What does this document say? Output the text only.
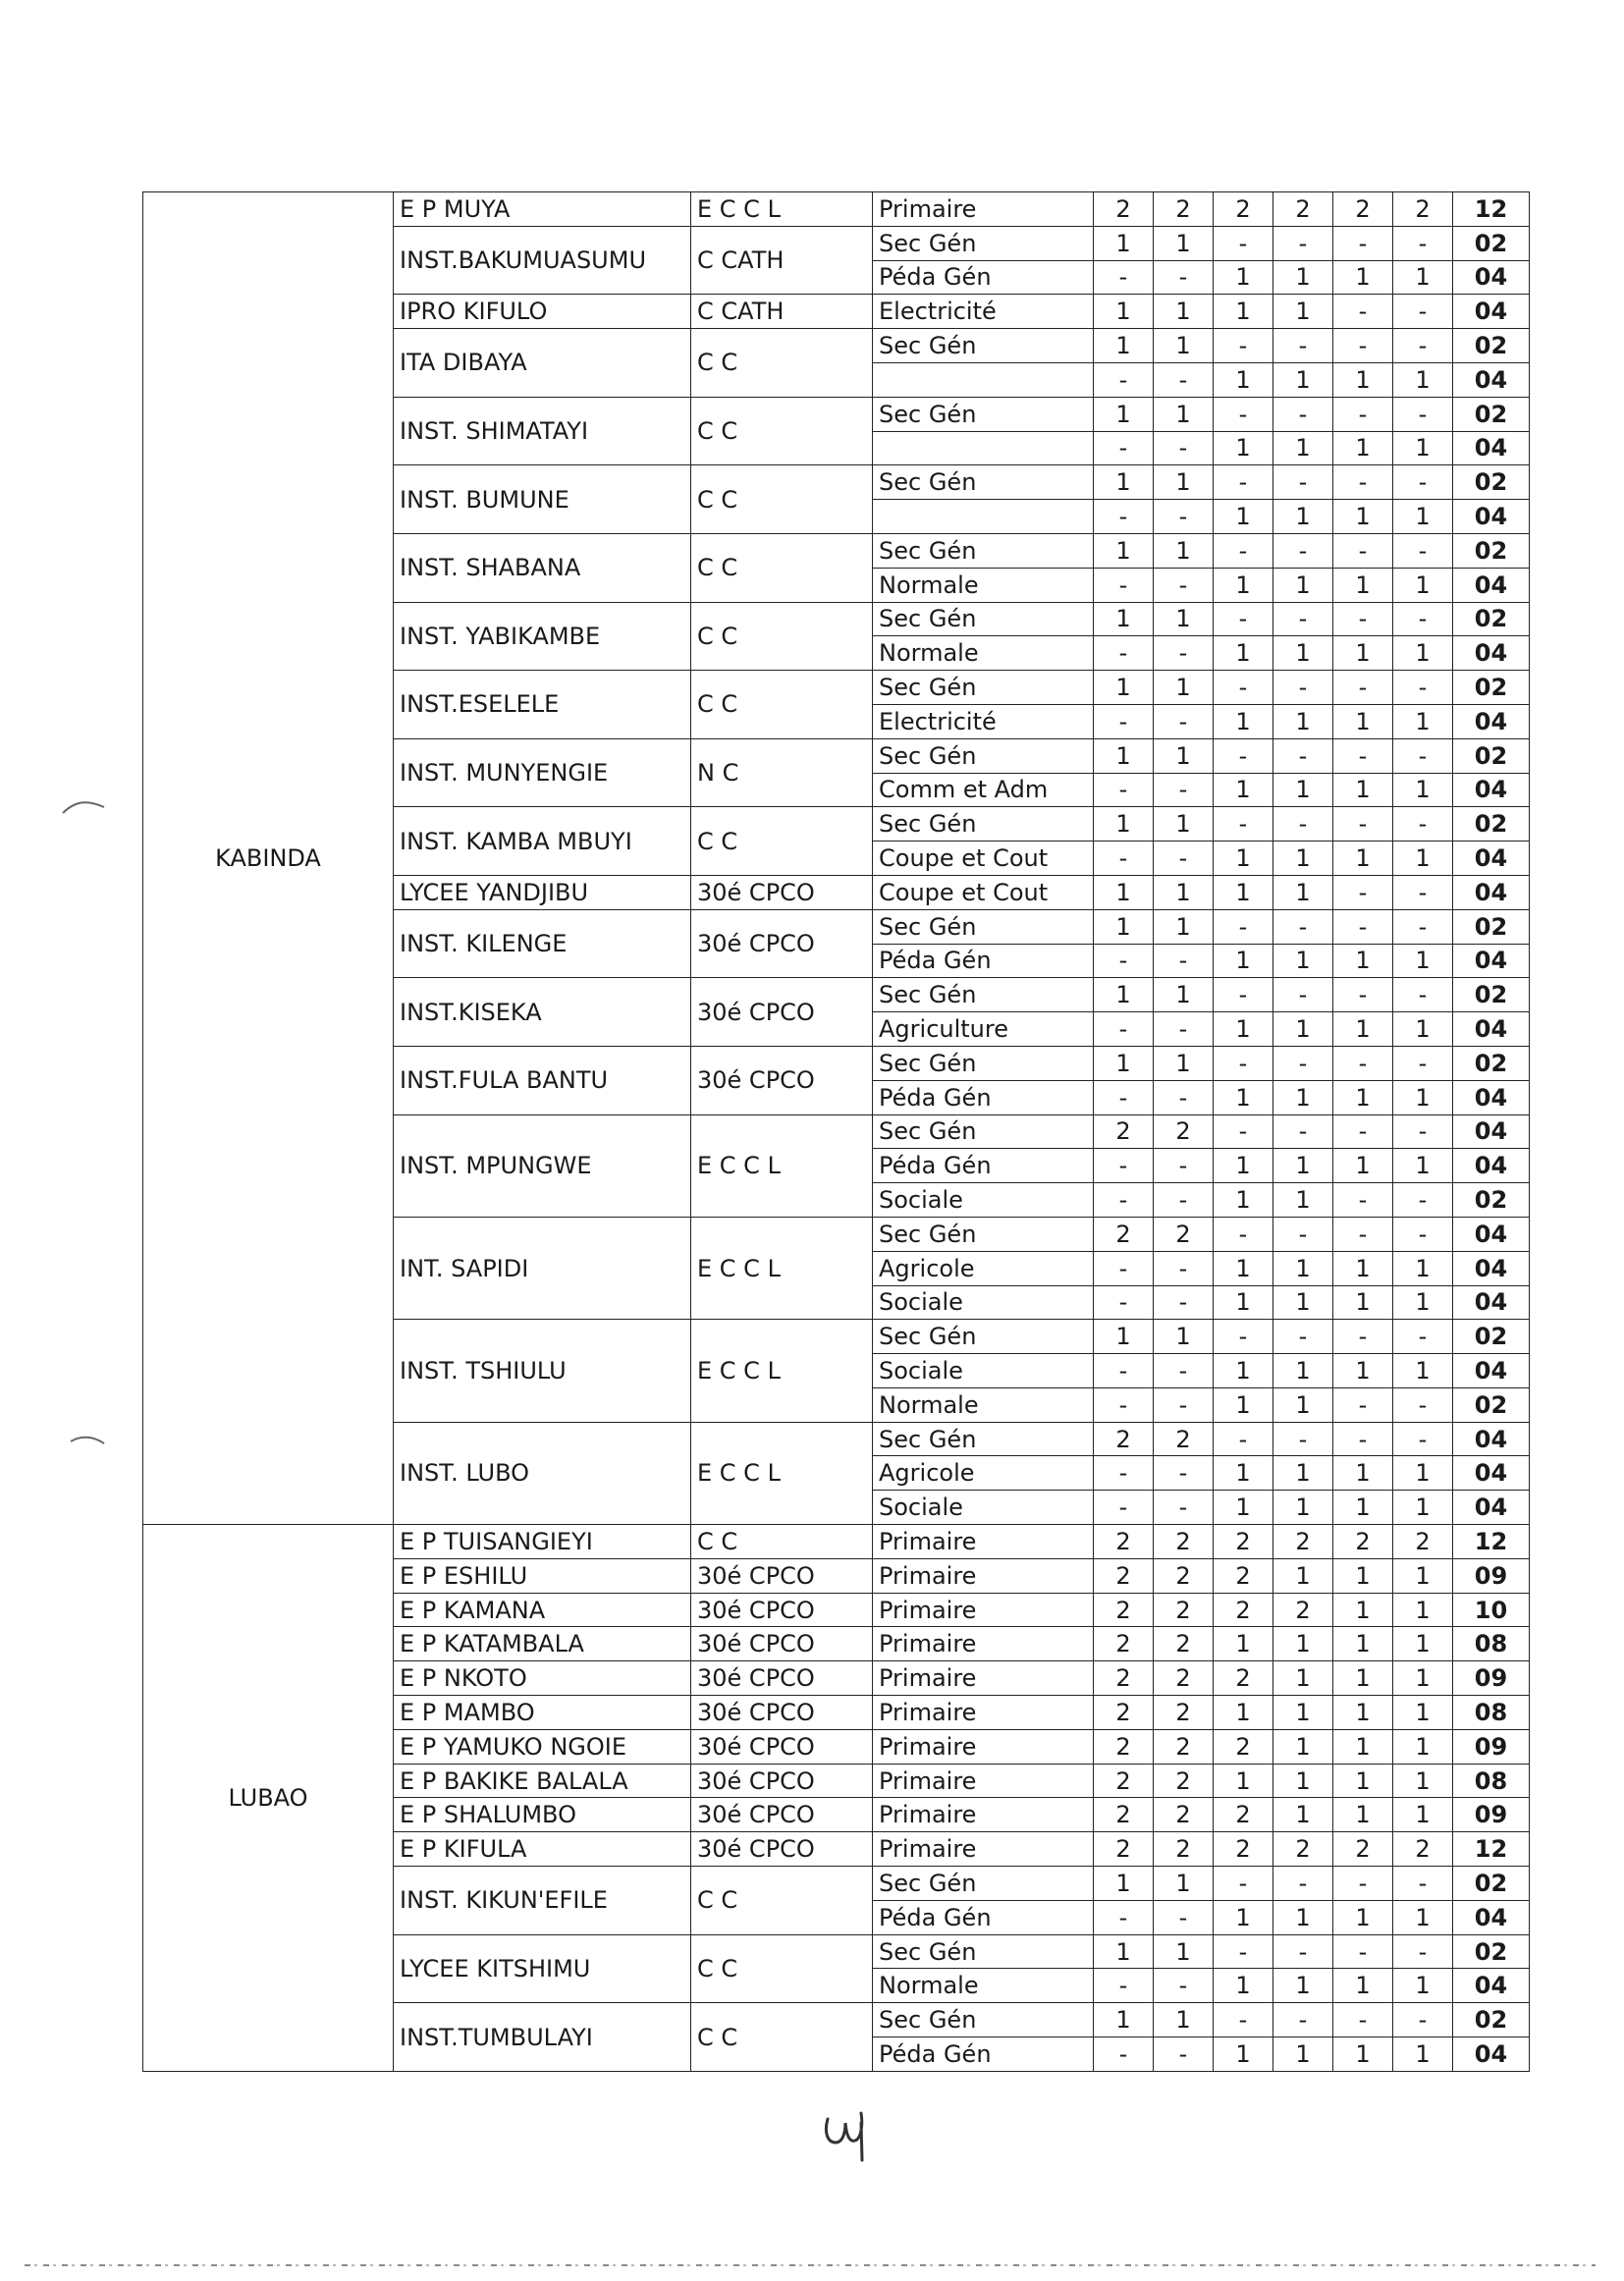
KABINDA	E P MUYA	E C C L	Primaire	2	2	2	2	2	2	12
	INST.BAKUMUASUMU	C CATH	Sec Gén	1	1	-	-	-	-	02
			Péda Gén	-	-	1	1	1	1	04
	IPRO KIFULO	C CATH	Electricité	1	1	1	1	-	-	04
	ITA DIBAYA	C C	Sec Gén	1	1	-	-	-	-	02
				-	-	1	1	1	1	04
	INST. SHIMATAYI	C C	Sec Gén	1	1	-	-	-	-	02
				-	-	1	1	1	1	04
	INST. BUMUNE	C C	Sec Gén	1	1	-	-	-	-	02
				-	-	1	1	1	1	04
	INST. SHABANA	C C	Sec Gén	1	1	-	-	-	-	02
			Normale	-	-	1	1	1	1	04
	INST. YABIKAMBE	C C	Sec Gén	1	1	-	-	-	-	02
			Normale	-	-	1	1	1	1	04
	INST.ESELELE	C C	Sec Gén	1	1	-	-	-	-	02
			Electricité	-	-	1	1	1	1	04
	INST. MUNYENGIE	N C	Sec Gén	1	1	-	-	-	-	02
			Comm et Adm	-	-	1	1	1	1	04
	INST. KAMBA MBUYI	C C	Sec Gén	1	1	-	-	-	-	02
			Coupe et Cout	-	-	1	1	1	1	04
	LYCEE YANDJIBU	30é CPCO	Coupe et Cout	1	1	1	1	-	-	04
	INST. KILENGE	30é CPCO	Sec Gén	1	1	-	-	-	-	02
			Péda Gén	-	-	1	1	1	1	04
	INST.KISEKA	30é CPCO	Sec Gén	1	1	-	-	-	-	02
			Agriculture	-	-	1	1	1	1	04
	INST.FULA BANTU	30é CPCO	Sec Gén	1	1	-	-	-	-	02
			Péda Gén	-	-	1	1	1	1	04
	INST. MPUNGWE	E C C L	Sec Gén	2	2	-	-	-	-	04
			Péda Gén	-	-	1	1	1	1	04
			Sociale	-	-	1	1	-	-	02
	INT. SAPIDI	E C C L	Sec Gén	2	2	-	-	-	-	04
			Agricole	-	-	1	1	1	1	04
			Sociale	-	-	1	1	1	1	04
	INST. TSHIULU	E C C L	Sec Gén	1	1	-	-	-	-	02
			Sociale	-	-	1	1	1	1	04
			Normale	-	-	1	1	-	-	02
	INST. LUBO	E C C L	Sec Gén	2	2	-	-	-	-	04
			Agricole	-	-	1	1	1	1	04
			Sociale	-	-	1	1	1	1	04
LUBAO	E P TUISANGIEYI	C C	Primaire	2	2	2	2	2	2	12
	E P ESHILU	30é CPCO	Primaire	2	2	2	1	1	1	09
	E P KAMANA	30é CPCO	Primaire	2	2	2	2	1	1	10
	E P KATAMBALA	30é CPCO	Primaire	2	2	1	1	1	1	08
	E P NKOTO	30é CPCO	Primaire	2	2	2	1	1	1	09
	E P MAMBO	30é CPCO	Primaire	2	2	1	1	1	1	08
	E P YAMUKO NGOIE	30é CPCO	Primaire	2	2	2	1	1	1	09
	E P BAKIKE BALALA	30é CPCO	Primaire	2	2	1	1	1	1	08
	E P SHALUMBO	30é CPCO	Primaire	2	2	2	1	1	1	09
	E P KIFULA	30é CPCO	Primaire	2	2	2	2	2	2	12
	INST. KIKUN'EFILE	C C	Sec Gén	1	1	-	-	-	-	02
			Péda Gén	-	-	1	1	1	1	04
	LYCEE KITSHIMU	C C	Sec Gén	1	1	-	-	-	-	02
			Normale	-	-	1	1	1	1	04
	INST.TUMBULAYI	C C	Sec Gén	1	1	-	-	-	-	02
			Péda Gén	-	-	1	1	1	1	04
